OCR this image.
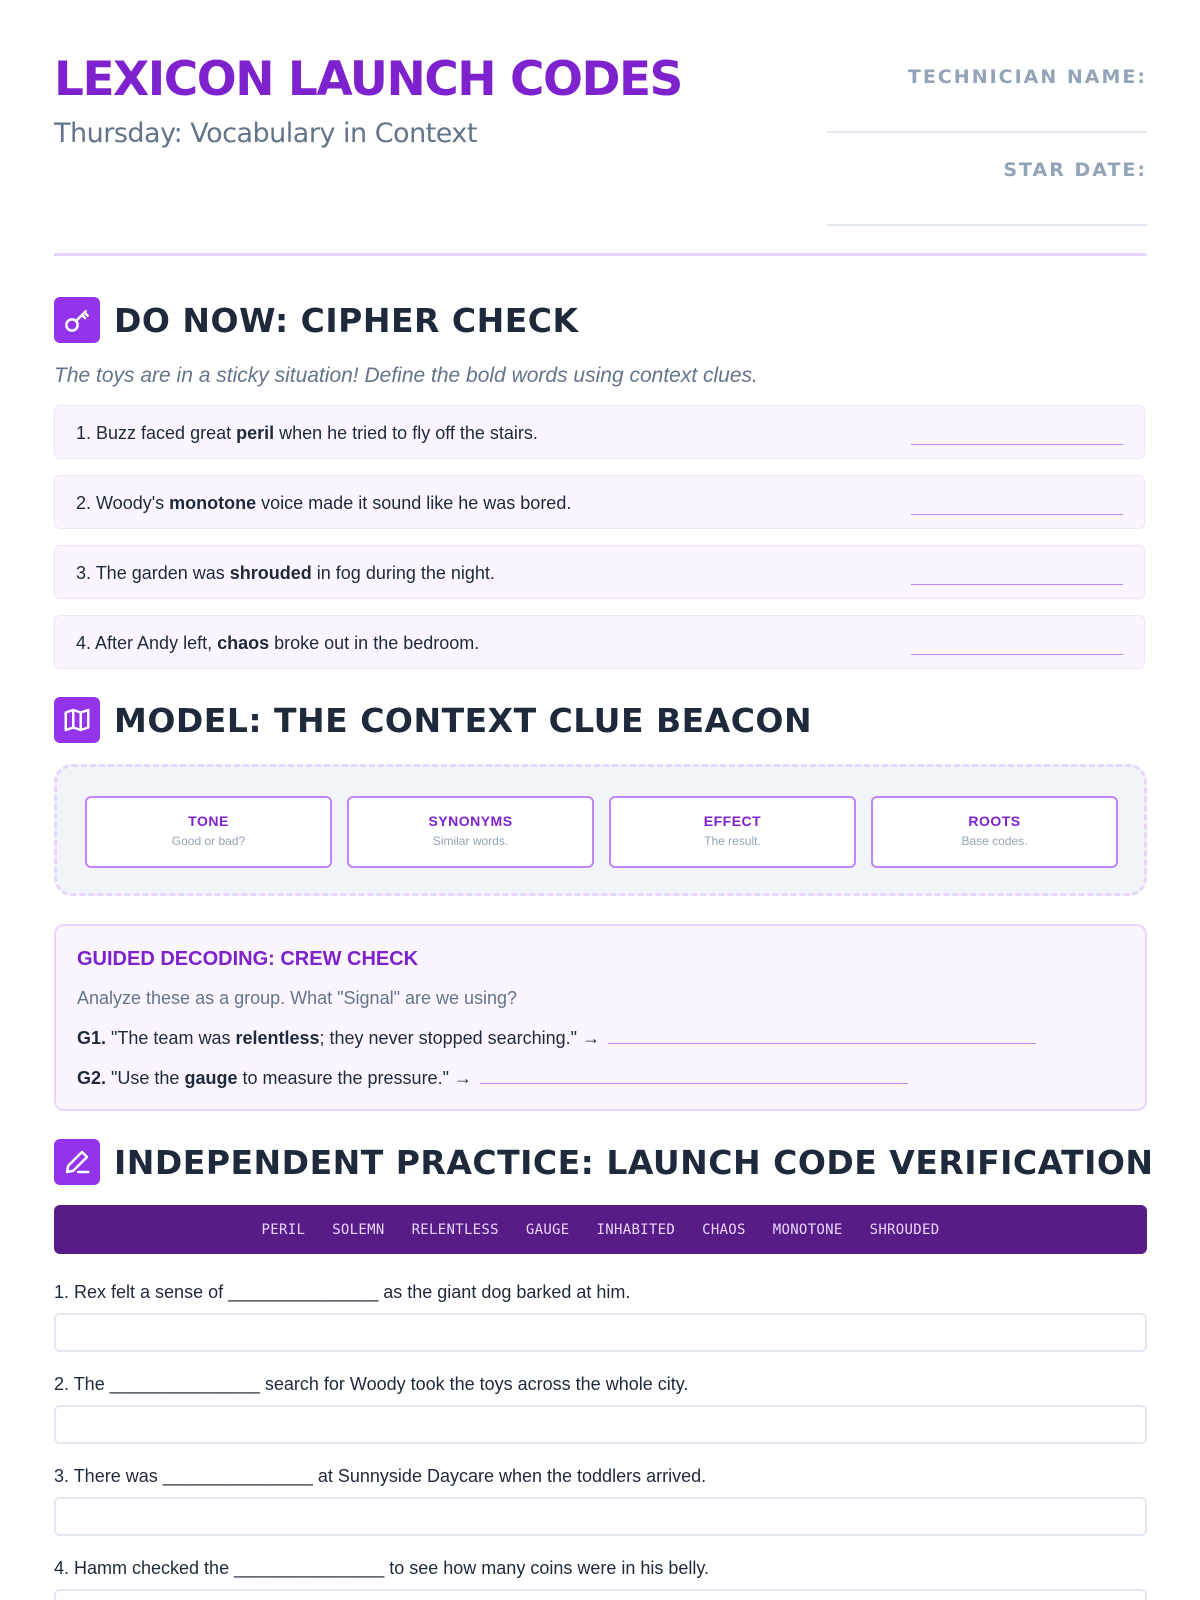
LEXICON LAUNCH CODES
Thursday: Vocabulary in Context
TECHNICIAN NAME:
STAR DATE:
DO NOW: CIPHER CHECK
The toys are in a sticky situation! Define the bold words using context clues.
1. Buzz faced great peril when he tried to fly off the stairs.
2. Woody's monotone voice made it sound like he was bored.
3. The garden was shrouded in fog during the night.
4. After Andy left, chaos broke out in the bedroom.
MODEL: THE CONTEXT CLUE BEACON
TONE
Good or bad?
SYNONYMS
Similar words.
EFFECT
The result.
ROOTS
Base codes.
GUIDED DECODING: CREW CHECK
Analyze these as a group. What "Signal" are we using?
G1. "The team was relentless; they never stopped searching." →
G2. "Use the gauge to measure the pressure." →
INDEPENDENT PRACTICE: LAUNCH CODE VERIFICATION
PERIL SOLEMN RELENTLESS GAUGE INHABITED CHAOS MONOTONE SHROUDED
1. Rex felt a sense of _______________ as the giant dog barked at him.
2. The _______________ search for Woody took the toys across the whole city.
3. There was _______________ at Sunnyside Daycare when the toddlers arrived.
4. Hamm checked the _______________ to see how many coins were in his belly.
